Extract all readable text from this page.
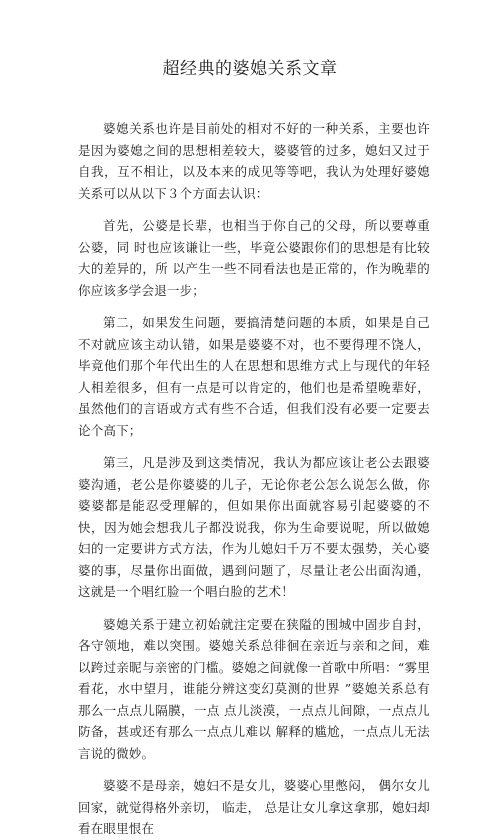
超经典的婆媳关系文章

婆媳关系也许是目前处的相对不好的一种关系，主要也许是因为婆媳之间的思想相差较大，婆婆管的过多，媳妇又过于自我，互不相让，以及本来的成见等等吧，我认为处理好婆媳关系可以从以下３个方面去认识：

首先，公婆是长辈，也相当于你自己的父母，所以要尊重公婆，同 时也应该谦让一些，毕竟公婆跟你们的思想是有比较大的差异的，所 以产生一些不同看法也是正常的，作为晚辈的你应该多学会退一步；

第二，如果发生问题，要搞清楚问题的本质，如果是自己不对就应该主动认错，如果是婆婆不对，也不要得理不饶人，毕竟他们那个年代出生的人在思想和思维方式上与现代的年轻人相差很多，但有一点是可以肯定的，他们也是希望晚辈好，虽然他们的言语或方式有些不合适，但我们没有必要一定要去论个高下；

第三，凡是涉及到这类情况，我认为都应该让老公去跟婆婆沟通，老公是你婆婆的儿子，无论你老公怎么说怎么做，你婆婆都是能忍受理解的，但如果你出面就容易引起婆婆的不快，因为她会想我儿子都没说我，你为生命要说呢，所以做媳妇的一定要讲方式方法，作为儿媳妇千万不要太强势，关心婆婆的事，尽量你出面做，遇到问题了，尽量让老公出面沟通，这就是一个唱红脸一个唱白脸的艺术！

婆媳关系于建立初始就注定要在狭隘的围城中固步自封，各守领地，难以突围。婆媳关系总徘徊在亲近与亲和之间，难以跨过亲昵与亲密的门槛。婆媳之间就像一首歌中所唱：“雾里看花，水中望月，谁能分辨这变幻莫测的世界 ”婆媳关系总有那么一点点儿隔膜，一点 点儿淡漠，一点点儿间隙，一点点儿防备，甚或还有那么一点点儿难以 解释的尴尬，一点点儿无法言说的微妙。

婆婆不是母亲，媳妇不是女儿，婆婆心里憋闷， 偶尔女儿回家，就觉得格外亲切， 临走， 总是让女儿拿这拿那，媳妇却看在眼里恨在
